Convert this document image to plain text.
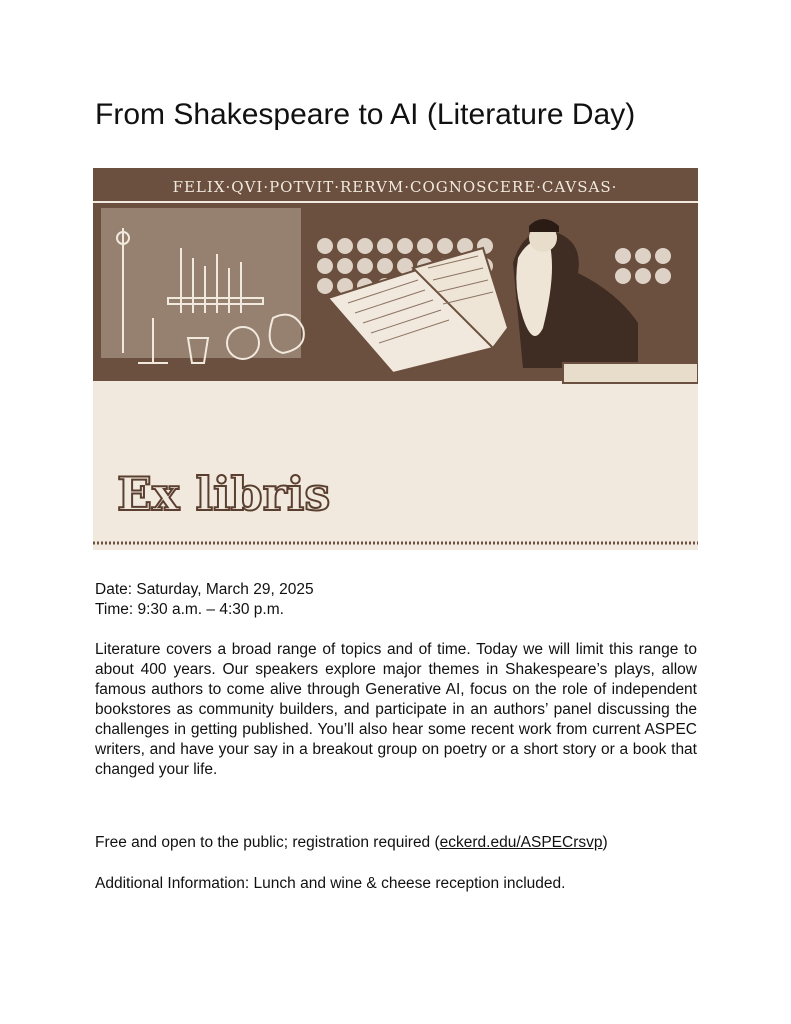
From Shakespeare to AI (Literature Day)
FELIX·QVI·POTVIT·RERVM·COGNOSCERE·CAVSAS·
Ex libris
Date: Saturday, March 29, 2025
Time: 9:30 a.m. – 4:30 p.m.

Literature covers a broad range of topics and of time. Today we will limit this range to about 400 years. Our speakers explore major themes in Shakespeare’s plays, allow famous authors to come alive through Generative AI, focus on the role of independent bookstores as community builders, and participate in an authors’ panel discussing the challenges in getting published. You’ll also hear some recent work from current ASPEC writers, and have your say in a breakout group on poetry or a short story or a book that changed your life.

Free and open to the public; registration required (eckerd.edu/ASPECrsvp)

Additional Information: Lunch and wine & cheese reception included.
